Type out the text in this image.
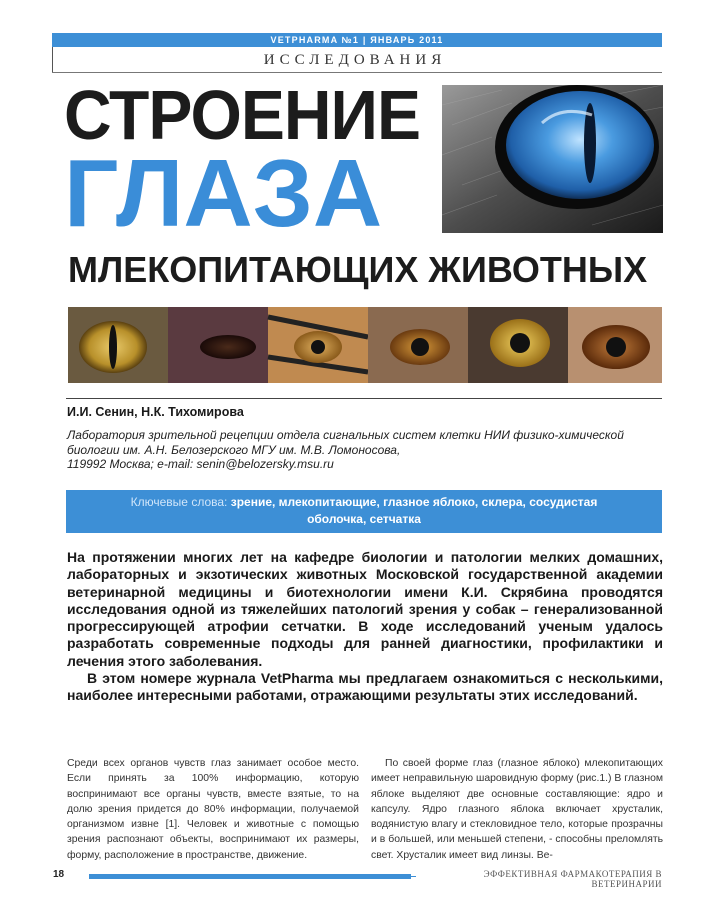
VETPHARMA №1 | ЯНВАРЬ 2011
ИССЛЕДОВАНИЯ
СТРОЕНИЕ
ГЛАЗА
МЛЕКОПИТАЮЩИХ ЖИВОТНЫХ
И.И. Сенин, Н.К. Тихомирова
Лаборатория зрительной рецепции отдела сигнальных систем клетки НИИ физико-химической
биологии им. А.Н. Белозерского МГУ им. М.В. Ломоносова,
119992 Москва; e-mail: senin@belozersky.msu.ru
Ключевые слова: зрение, млекопитающие, глазное яблоко, склера, сосудистая оболочка, сетчатка

На протяжении многих лет на кафедре биологии и патологии мелких домашних, лабораторных и экзотических животных Московской государственной академии ветеринарной медицины и биотехнологии имени К.И. Скрябина проводятся исследования одной из тяжелейших патологий зрения у собак – генерализованной прогрессирующей атрофии сетчатки. В ходе исследований ученым удалось разработать современные подходы для ранней диагностики, профилактики и лечения этого заболевания.

В этом номере журнала VetPharma мы предлагаем ознакомиться с несколькими, наиболее интересными работами, отражающими результаты этих исследований.

Среди всех органов чувств глаз занимает особое место. Если принять за 100% информацию, которую воспринимают все органы чувств, вместе взятые, то на долю зрения придется до 80% информации, получаемой организмом извне [1]. Человек и животные с помощью зрения распознают объекты, воспринимают их размеры, форму, расположение в пространстве, движение.
По своей форме глаз (глазное яблоко) млекопитающих имеет неправильную шаровидную форму (рис.1.) В глазном яблоке выделяют две основные составляющие: ядро и капсулу. Ядро глазного яблока включает хрусталик, водянистую влагу и стекловидное тело, которые прозрачны и в большей, или меньшей степени, - способны преломлять свет. Хрусталик имеет вид линзы. Ве-
18	ЭФФЕКТИВНАЯ ФАРМАКОТЕРАПИЯ В ВЕТЕРИНАРИИ
